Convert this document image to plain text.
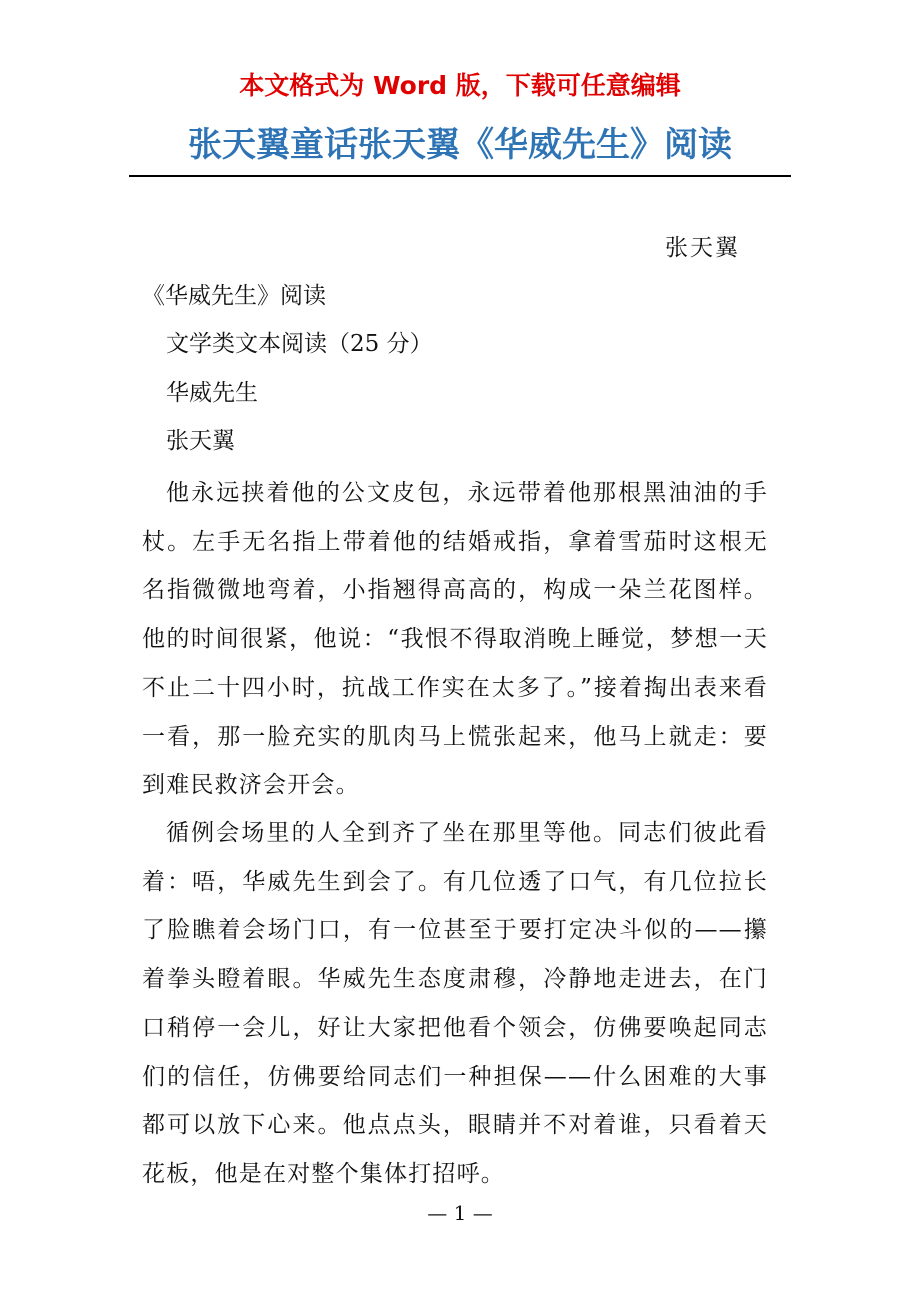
本文格式为 Word 版，下载可任意编辑

张天翼童话张天翼《华威先生》阅读

张天翼

《华威先生》阅读

文学类文本阅读（25 分）

华威先生

张天翼

他永远挟着他的公文皮包，永远带着他那根黑油油的手杖。左手无名指上带着他的结婚戒指，拿着雪茄时这根无名指微微地弯着，小指翘得高高的，构成一朵兰花图样。他的时间很紧，他说：“我恨不得取消晚上睡觉，梦想一天不止二十四小时，抗战工作实在太多了。”接着掏出表来看一看，那一脸充实的肌肉马上慌张起来，他马上就走：要到难民救济会开会。

循例会场里的人全到齐了坐在那里等他。同志们彼此看着：唔，华威先生到会了。有几位透了口气，有几位拉长了脸瞧着会场门口，有一位甚至于要打定决斗似的——攥着拳头瞪着眼。华威先生态度肃穆，冷静地走进去，在门口稍停一会儿，好让大家把他看个领会，仿佛要唤起同志们的信任，仿佛要给同志们一种担保——什么困难的大事都可以放下心来。他点点头，眼睛并不对着谁，只看着天花板，他是在对整个集体打招呼。

— 1 —
